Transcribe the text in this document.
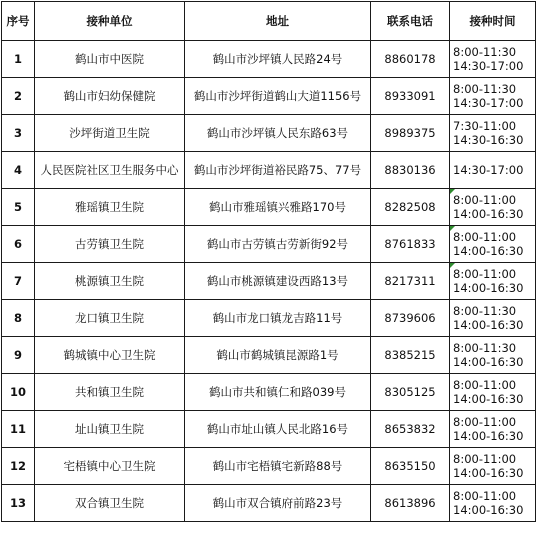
序号	接种单位	地址	联系电话	接种时间
1	鹤山市中医院	鹤山市沙坪镇人民路24号	8860178	8:00-11:30
14:30-17:00

2	鹤山市妇幼保健院	鹤山市沙坪街道鹤山大道1156号	8933091	8:00-11:30
14:30-17:00

3	沙坪街道卫生院	鹤山市沙坪镇人民东路63号	8989375	7:30-11:00
14:30-16:30

4	人民医院社区卫生服务中心	鹤山市沙坪街道裕民路75、77号	8830136	14:30-17:00

5	雅瑶镇卫生院	鹤山市雅瑶镇兴雅路170号	8282508	8:00-11:00
14:00-16:30

6	古劳镇卫生院	鹤山市古劳镇古劳新街92号	8761833	8:00-11:00
14:00-16:30

7	桃源镇卫生院	鹤山市桃源镇建设西路13号	8217311	8:00-11:00
14:00-16:30

8	龙口镇卫生院	鹤山市龙口镇龙吉路11号	8739606	8:00-11:30
14:00-16:30

9	鹤城镇中心卫生院	鹤山市鹤城镇昆源路1号	8385215	8:00-11:30
14:00-16:30

10	共和镇卫生院	鹤山市共和镇仁和路039号	8305125	8:00-11:00
14:00-16:30

11	址山镇卫生院	鹤山市址山镇人民北路16号	8653832	8:00-11:00
14:00-16:30

12	宅梧镇中心卫生院	鹤山市宅梧镇宅新路88号	8635150	8:00-11:00
14:00-16:30

13	双合镇卫生院	鹤山市双合镇府前路23号	8613896	8:00-11:00
14:00-16:30
